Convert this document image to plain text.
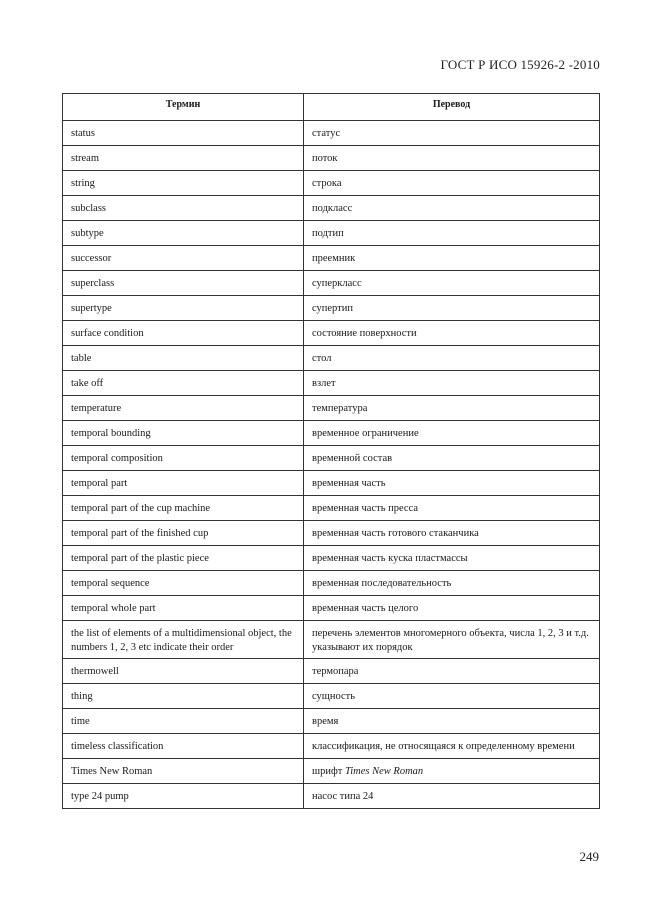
ГОСТ Р ИСО 15926-2 -2010
Термин	Перевод
status	статус
stream	поток
string	строка
subclass	подкласс
subtype	подтип
successor	преемник
superclass	суперкласс
supertype	супертип
surface condition	состояние поверхности
table	стол
take off	взлет
temperature	температура
temporal bounding	временное ограничение
temporal composition	временной состав
temporal part	временная часть
temporal part of the cup machine	временная часть пресса
temporal part of the finished cup	временная часть готового стаканчика
temporal part of the plastic piece	временная часть куска пластмассы
temporal sequence	временная последовательность
temporal whole part	временная часть целого
the list of elements of a multidimensional object, the numbers 1, 2, 3 etc indicate their order	перечень элементов многомерного объекта, числа 1, 2, 3 и т.д. указывают их порядок
thermowell	термопара
thing	сущность
time	время
timeless classification	классификация, не относящаяся к определенному времени
Times New Roman	шрифт Times New Roman
type 24 pump	насос типа 24
249
